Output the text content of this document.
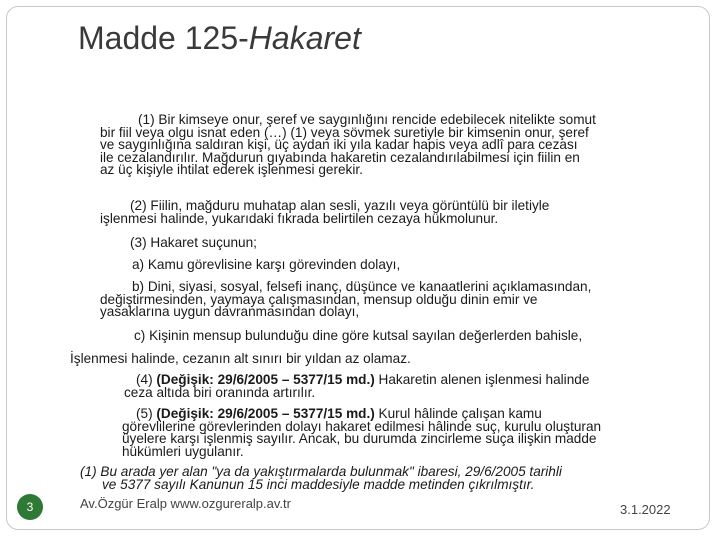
Madde 125-Hakaret
(1) Bir kimseye onur, şeref ve saygınlığını rencide edebilecek nitelikte somut
bir fiil veya olgu isnat eden (…) (1) veya sövmek suretiyle bir kimsenin onur, şeref
ve saygınlığına saldıran kişi, üç aydan iki yıla kadar hapis veya adlî para cezası
ile cezalandırılır. Mağdurun gıyabında hakaretin cezalandırılabilmesi için fiilin en
az üç kişiyle ihtilat ederek işlenmesi gerekir.
(2) Fiilin, mağduru muhatap alan sesli, yazılı veya görüntülü bir iletiyle
işlenmesi halinde, yukarıdaki fıkrada belirtilen cezaya hükmolunur.
(3) Hakaret suçunun;
a) Kamu görevlisine karşı görevinden dolayı,
b) Dini, siyasi, sosyal, felsefi inanç, düşünce ve kanaatlerini açıklamasından,
değiştirmesinden, yaymaya çalışmasından, mensup olduğu dinin emir ve
yasaklarına uygun davranmasından dolayı,
c) Kişinin mensup bulunduğu dine göre kutsal sayılan değerlerden bahisle,
İşlenmesi halinde, cezanın alt sınırı bir yıldan az olamaz.
(4) (Değişik: 29/6/2005 – 5377/15 md.) Hakaretin alenen işlenmesi halinde
ceza altıda biri oranında artırılır.
(5) (Değişik: 29/6/2005 – 5377/15 md.) Kurul hâlinde çalışan kamu
görevlilerine görevlerinden dolayı hakaret edilmesi hâlinde suç, kurulu oluşturan
üyelere karşı işlenmiş sayılır. Ancak, bu durumda zincirleme suça ilişkin madde
hükümleri uygulanır.
(1) Bu arada yer alan "ya da yakıştırmalarda bulunmak" ibaresi, 29/6/2005 tarihli
ve 5377 sayılı Kanunun 15 inci maddesiyle madde metinden çıkrılmıştır.
Av.Özgür Eralp www.ozgureralp.av.tr	3.1.2022
3
